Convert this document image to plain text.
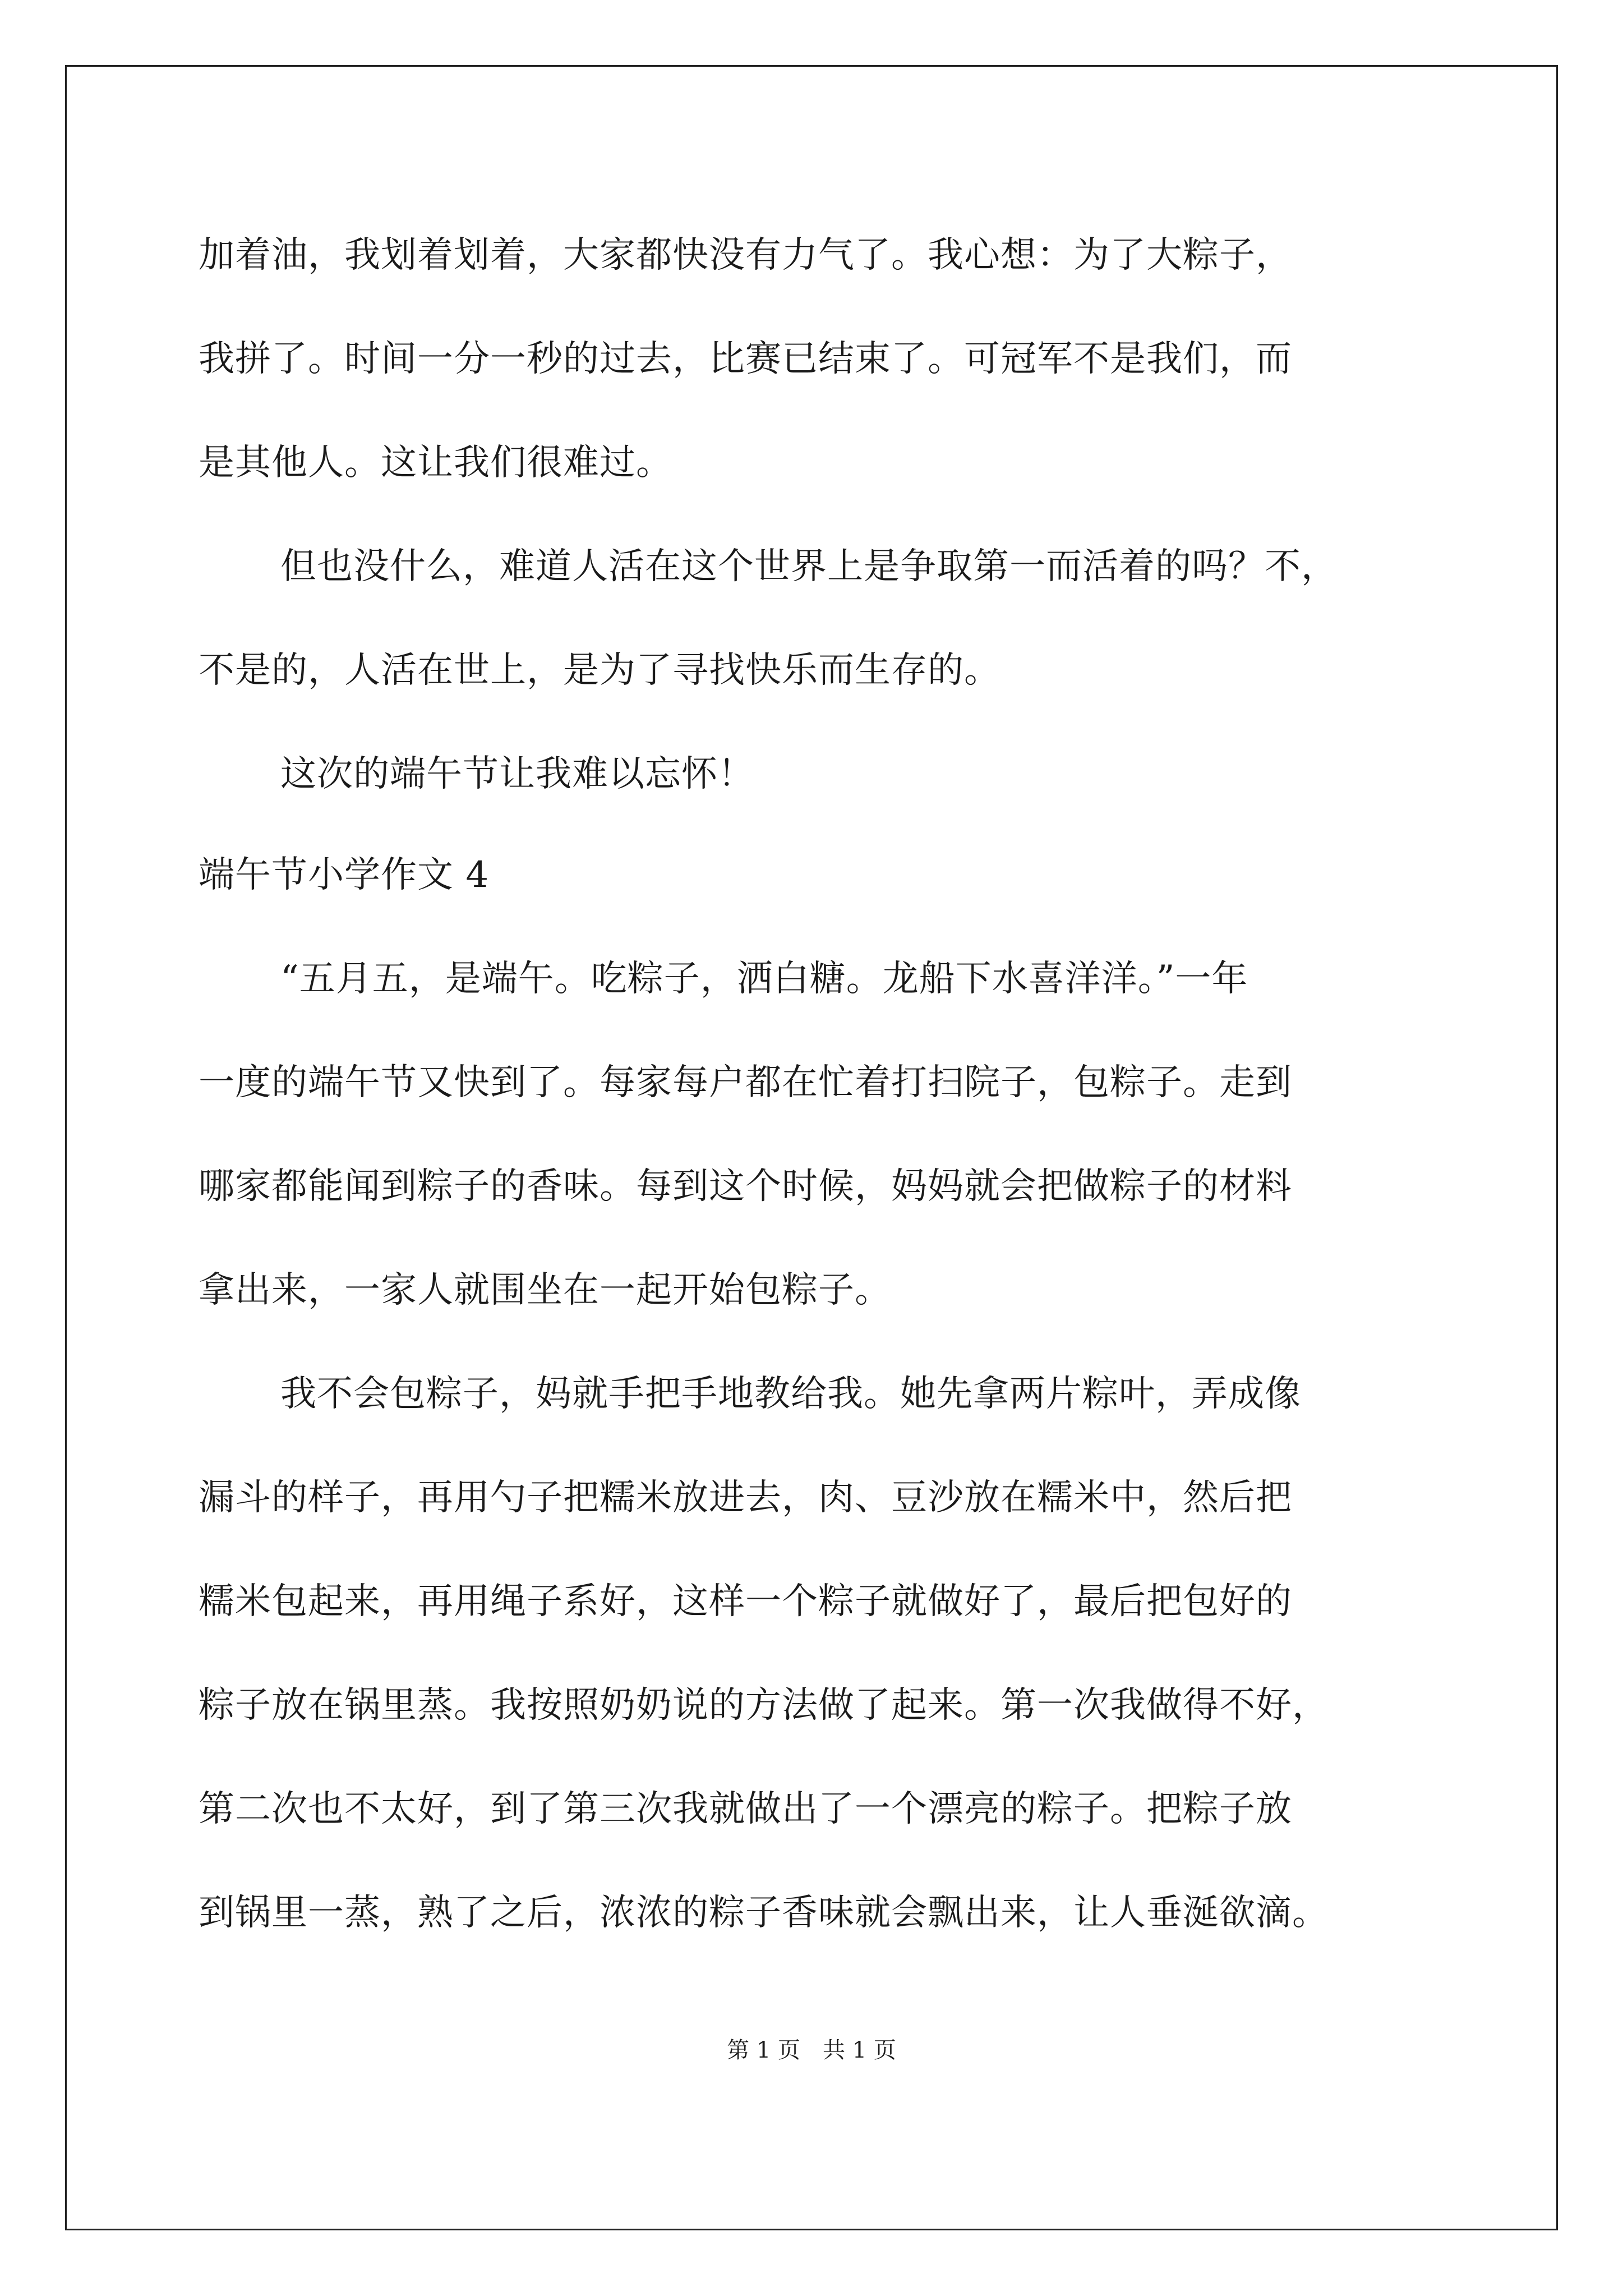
加着油，我划着划着，大家都快没有力气了。我心想：为了大粽子，
我拼了。时间一分一秒的过去，比赛已结束了。可冠军不是我们，而
是其他人。这让我们很难过。
但也没什么，难道人活在这个世界上是争取第一而活着的吗？不，
不是的，人活在世上，是为了寻找快乐而生存的。
这次的端午节让我难以忘怀！
端午节小学作文 4
“五月五，是端午。吃粽子，洒白糖。龙船下水喜洋洋。”一年
一度的端午节又快到了。每家每户都在忙着打扫院子，包粽子。走到
哪家都能闻到粽子的香味。每到这个时候，妈妈就会把做粽子的材料
拿出来，一家人就围坐在一起开始包粽子。
我不会包粽子，妈就手把手地教给我。她先拿两片粽叶，弄成像
漏斗的样子，再用勺子把糯米放进去，肉、豆沙放在糯米中，然后把
糯米包起来，再用绳子系好，这样一个粽子就做好了，最后把包好的
粽子放在锅里蒸。我按照奶奶说的方法做了起来。第一次我做得不好，
第二次也不太好，到了第三次我就做出了一个漂亮的粽子。把粽子放
到锅里一蒸，熟了之后，浓浓的粽子香味就会飘出来，让人垂涎欲滴。
第 1 页　共 1 页
